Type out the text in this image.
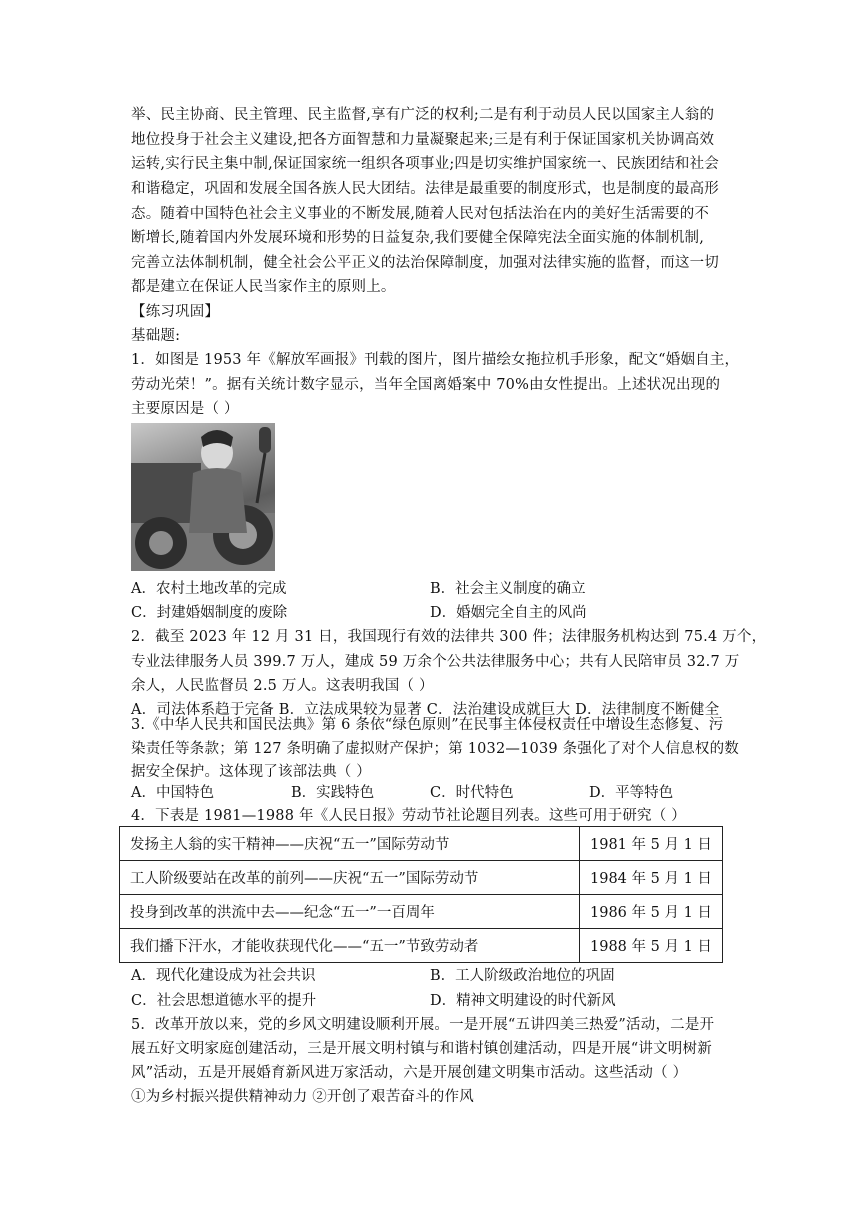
举、民主协商、民主管理、民主监督,享有广泛的权利;二是有利于动员人民以国家主人翁的
地位投身于社会主义建设,把各方面智慧和力量凝聚起来;三是有利于保证国家机关协调高效
运转,实行民主集中制,保证国家统一组织各项事业;四是切实维护国家统一、民族团结和社会
和谐稳定，巩固和发展全国各族人民大团结。法律是最重要的制度形式，也是制度的最高形
态。随着中国特色社会主义事业的不断发展,随着人民对包括法治在内的美好生活需要的不
断增长,随着国内外发展环境和形势的日益复杂,我们要健全保障宪法全面实施的体制机制,
完善立法体制机制，健全社会公平正义的法治保障制度，加强对法律实施的监督，而这一切
都是建立在保证人民当家作主的原则上。
【练习巩固】
基础题:
1．如图是 1953 年《解放军画报》刊载的图片，图片描绘女拖拉机手形象，配文“婚姻自主，
劳动光荣！”。据有关统计数字显示，当年全国离婚案中 70%由女性提出。上述状况出现的
主要原因是（ ）
A．农村土地改革的完成	B．社会主义制度的确立
C．封建婚姻制度的废除	D．婚姻完全自主的风尚
2．截至 2023 年 12 月 31 日，我国现行有效的法律共 300 件；法律服务机构达到 75.4 万个，
专业法律服务人员 399.7 万人，建成 59 万余个公共法律服务中心；共有人民陪审员 32.7 万
余人，人民监督员 2.5 万人。这表明我国（ ）
A．司法体系趋于完备 B．立法成果较为显著 C．法治建设成就巨大 D．法律制度不断健全
3.《中华人民共和国民法典》第 6 条依“绿色原则”在民事主体侵权责任中增设生态修复、污
染责任等条款；第 127 条明确了虚拟财产保护；第 1032—1039 条强化了对个人信息权的数
据安全保护。这体现了该部法典（ ）
A．中国特色	B．实践特色	C．时代特色	D．平等特色
4．下表是 1981—1988 年《人民日报》劳动节社论题目列表。这些可用于研究（ ）
发扬主人翁的实干精神——庆祝“五一”国际劳动节	1981 年 5 月 1 日
工人阶级要站在改革的前列——庆祝“五一”国际劳动节	1984 年 5 月 1 日
投身到改革的洪流中去——纪念“五一”一百周年	1986 年 5 月 1 日
我们播下汗水，才能收获现代化——“五一”节致劳动者	1988 年 5 月 1 日
A．现代化建设成为社会共识	B．工人阶级政治地位的巩固
C．社会思想道德水平的提升	D．精神文明建设的时代新风
5．改革开放以来，党的乡风文明建设顺利开展。一是开展“五讲四美三热爱”活动，二是开
展五好文明家庭创建活动，三是开展文明村镇与和谐村镇创建活动，四是开展“讲文明树新
风”活动，五是开展婚育新风进万家活动，六是开展创建文明集市活动。这些活动（ ）
①为乡村振兴提供精神动力 ②开创了艰苦奋斗的作风
